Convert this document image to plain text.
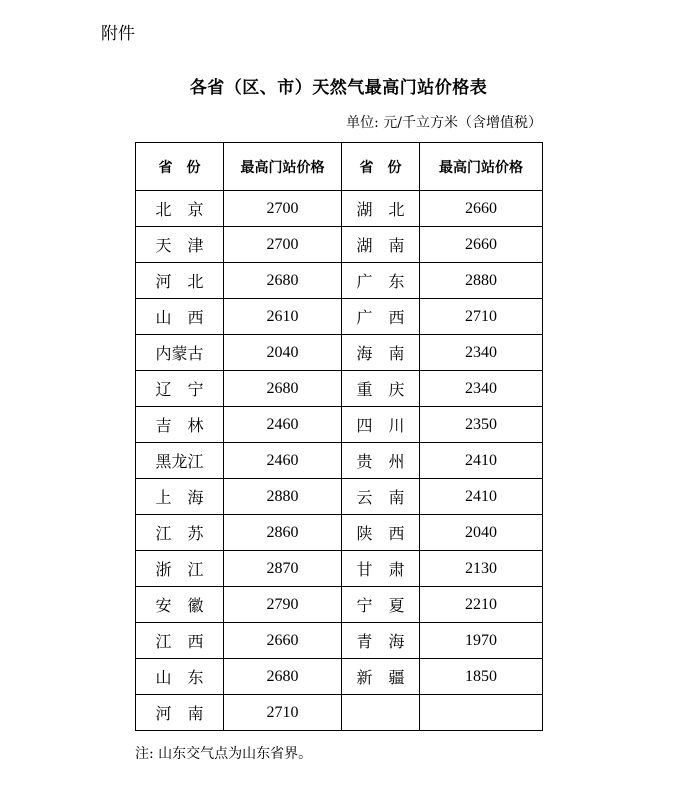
附件
各省（区、市）天然气最高门站价格表
单位: 元/千立方米（含增值税）
省　份	最高门站价格	省　份	最高门站价格
北　京	2700	湖　北	2660
天　津	2700	湖　南	2660
河　北	2680	广　东	2880
山　西	2610	广　西	2710
内蒙古	2040	海　南	2340
辽　宁	2680	重　庆	2340
吉　林	2460	四　川	2350
黑龙江	2460	贵　州	2410
上　海	2880	云　南	2410
江　苏	2860	陕　西	2040
浙　江	2870	甘　肃	2130
安　徽	2790	宁　夏	2210
江　西	2660	青　海	1970
山　东	2680	新　疆	1850
河　南	2710		
注: 山东交气点为山东省界。
